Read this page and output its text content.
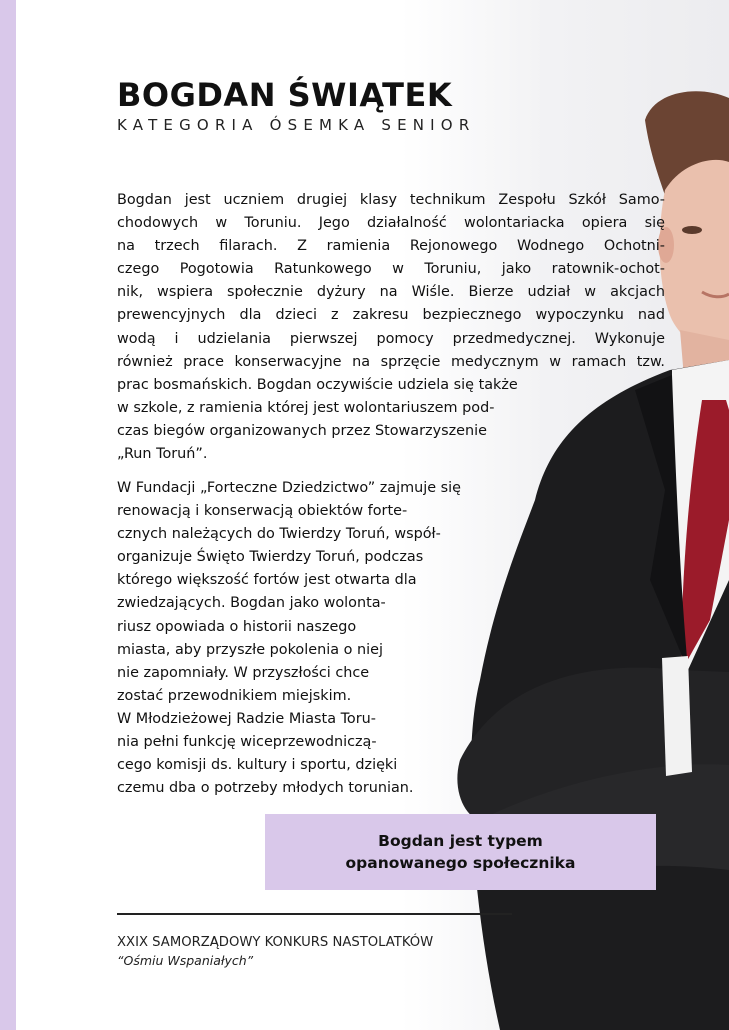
BOGDAN ŚWIĄTEK
KATEGORIA ÓSEMKA SENIOR
Bogdan jest uczniem drugiej klasy technikum Zespołu Szkół Samo-
chodowych w Toruniu. Jego działalność wolontariacka opiera się
na trzech filarach. Z ramienia Rejonowego Wodnego Ochotni-
czego Pogotowia Ratunkowego w Toruniu, jako ratownik-ochot-
nik, wspiera społecznie dyżury na Wiśle. Bierze udział w akcjach
prewencyjnych dla dzieci z zakresu bezpiecznego wypoczynku nad
wodą i udzielania pierwszej pomocy przedmedycznej. Wykonuje
również prace konserwacyjne na sprzęcie medycznym w ramach tzw.
prac bosmańskich. Bogdan oczywiście udziela się także
w szkole, z ramienia której jest wolontariuszem pod-
czas biegów organizowanych przez Stowarzyszenie
„Run Toruń”.
W Fundacji „Forteczne Dziedzictwo” zajmuje się
renowacją i konserwacją obiektów forte-
cznych należących do Twierdzy Toruń, współ-
organizuje Święto Twierdzy Toruń, podczas
którego większość fortów jest otwarta dla
zwiedzających. Bogdan jako wolonta-
riusz opowiada o historii naszego
miasta, aby przyszłe pokolenia o niej
nie zapomniały. W przyszłości chce
zostać przewodnikiem miejskim.
W Młodzieżowej Radzie Miasta Toru-
nia pełni funkcję wiceprzewodniczą-
cego komisji ds. kultury i sportu, dzięki
czemu dba o potrzeby młodych torunian.
Bogdan jest typem
opanowanego społecznika
XXIX SAMORZĄDOWY KONKURS NASTOLATKÓW
“Ośmiu Wspaniałych”
